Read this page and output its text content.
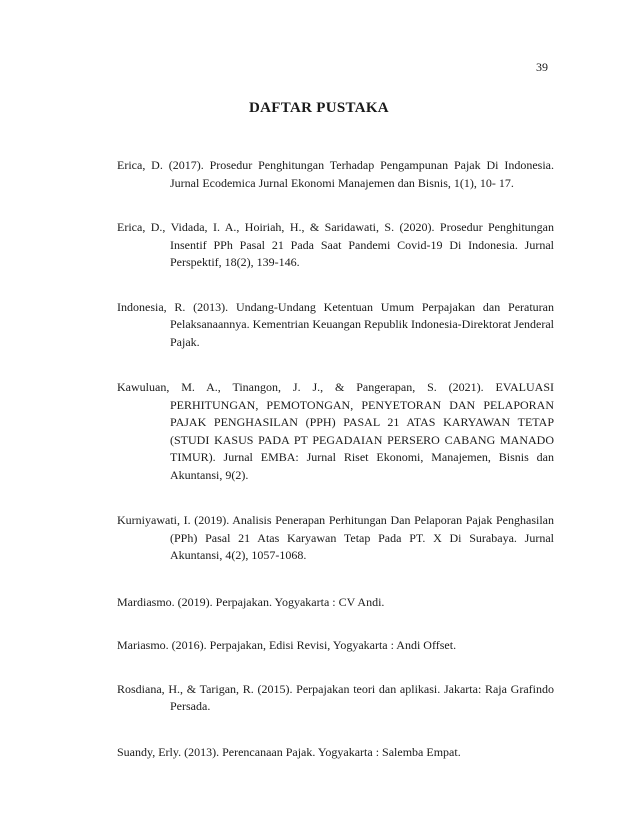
39
DAFTAR PUSTAKA
Erica, D. (2017). Prosedur Penghitungan Terhadap Pengampunan Pajak Di Indonesia. Jurnal Ecodemica Jurnal Ekonomi Manajemen dan Bisnis, 1(1), 10- 17.
Erica, D., Vidada, I. A., Hoiriah, H., & Saridawati, S. (2020). Prosedur Penghitungan Insentif PPh Pasal 21 Pada Saat Pandemi Covid-19 Di Indonesia. Jurnal Perspektif, 18(2), 139-146.
Indonesia, R. (2013). Undang-Undang Ketentuan Umum Perpajakan dan Peraturan Pelaksanaannya. Kementrian Keuangan Republik Indonesia-Direktorat Jenderal Pajak.
Kawuluan, M. A., Tinangon, J. J., & Pangerapan, S. (2021). EVALUASI PERHITUNGAN, PEMOTONGAN, PENYETORAN DAN PELAPORAN PAJAK PENGHASILAN (PPH) PASAL 21 ATAS KARYAWAN TETAP (STUDI KASUS PADA PT PEGADAIAN PERSERO CABANG MANADO TIMUR). Jurnal EMBA: Jurnal Riset Ekonomi, Manajemen, Bisnis dan Akuntansi, 9(2).
Kurniyawati, I. (2019). Analisis Penerapan Perhitungan Dan Pelaporan Pajak Penghasilan (PPh) Pasal 21 Atas Karyawan Tetap Pada PT. X Di Surabaya. Jurnal Akuntansi, 4(2), 1057-1068.
Mardiasmo. (2019). Perpajakan. Yogyakarta : CV Andi.
Mariasmo. (2016). Perpajakan, Edisi Revisi, Yogyakarta : Andi Offset.
Rosdiana, H., & Tarigan, R. (2015). Perpajakan teori dan aplikasi. Jakarta: Raja Grafindo Persada.
Suandy, Erly. (2013). Perencanaan Pajak. Yogyakarta : Salemba Empat.
